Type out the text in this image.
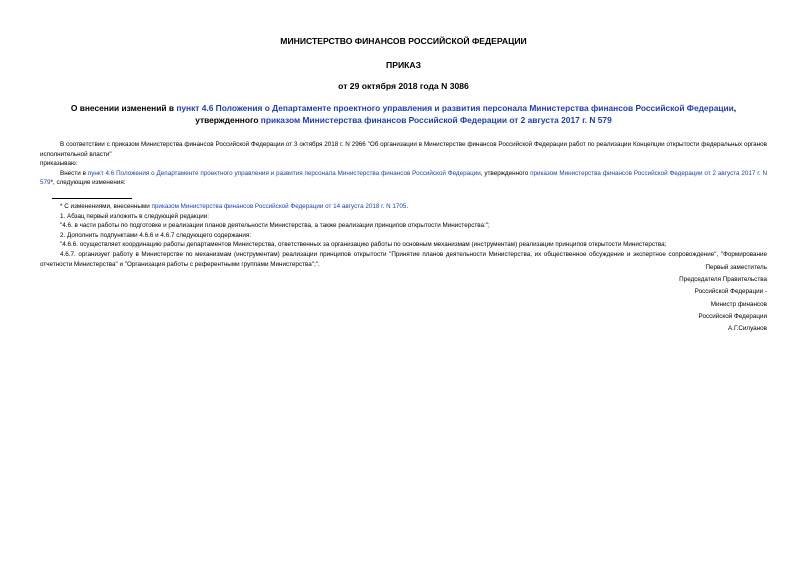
МИНИСТЕРСТВО ФИНАНСОВ РОССИЙСКОЙ ФЕДЕРАЦИИ
ПРИКАЗ
от 29 октября 2018 года N 3086
О внесении изменений в пункт 4.6 Положения о Департаменте проектного управления и развития персонала Министерства финансов Российской Федерации, утвержденного приказом Министерства финансов Российской Федерации от 2 августа 2017 г. N 579

В соответствии с приказом Министерства финансов Российской Федерации от 3 октября 2018 г. N 2966 "Об организации в Министерстве финансов Российской Федерации работ по реализации Концепции открытости федеральных органов исполнительной власти"

приказываю:

Внести в пункт 4.6 Положения о Департаменте проектного управления и развития персонала Министерства финансов Российской Федерации, утвержденного приказом Министерства финансов Российской Федерации от 2 августа 2017 г. N 579*, следующие изменения:

* С изменениями, внесенными приказом Министерства финансов Российской Федерации от 14 августа 2018 г. N 1705.

1. Абзац первый изложить в следующей редакции:

"4.6. в части работы по подготовке и реализации планов деятельности Министерства, а также реализации принципов открытости Министерства:";

2. Дополнить подпунктами 4.6.6 и 4.6.7 следующего содержания:

"4.6.6. осуществляет координацию работы департаментов Министерства, ответственных за организацию работы по основным механизмам (инструментам) реализации принципов открытости Министерства;

4.6.7. организует работу в Министерстве по механизмам (инструментам) реализации принципов открытости "Принятие планов деятельности Министерства, их общественное обсуждение и экспертное сопровождение", "Формирование отчетности Министерства" и "Организация работы с референтными группами Министерства";".	Первый заместитель
Председателя Правительства
Российской Федерации -
Министр финансов
Российской Федерации
А.Г.Силуанов
